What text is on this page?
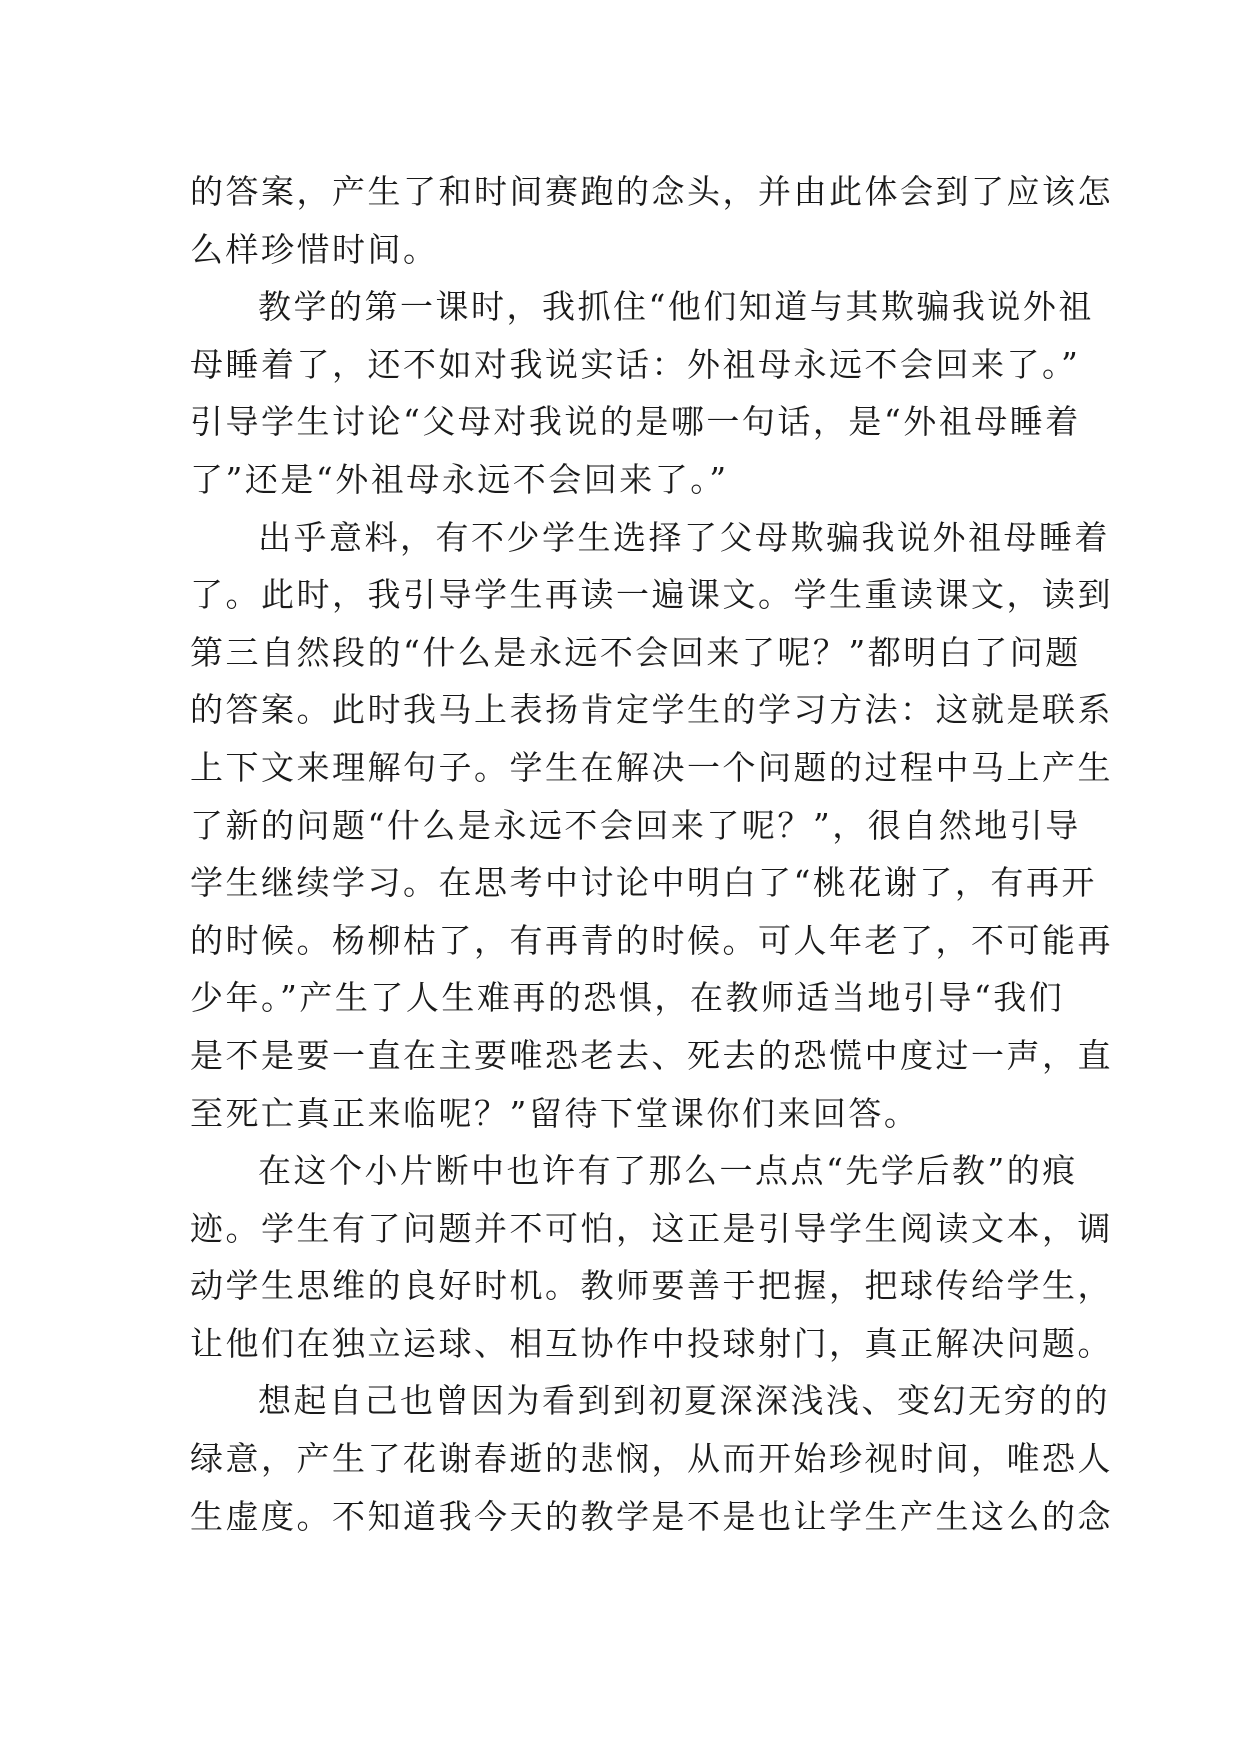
的答案，产生了和时间赛跑的念头，并由此体会到了应该怎
么样珍惜时间。
教学的第一课时，我抓住“他们知道与其欺骗我说外祖
母睡着了，还不如对我说实话：外祖母永远不会回来了。”
引导学生讨论“父母对我说的是哪一句话，是“外祖母睡着
了”还是“外祖母永远不会回来了。”
出乎意料，有不少学生选择了父母欺骗我说外祖母睡着
了。此时，我引导学生再读一遍课文。学生重读课文，读到
第三自然段的“什么是永远不会回来了呢？”都明白了问题
的答案。此时我马上表扬肯定学生的学习方法：这就是联系
上下文来理解句子。学生在解决一个问题的过程中马上产生
了新的问题“什么是永远不会回来了呢？”，很自然地引导
学生继续学习。在思考中讨论中明白了“桃花谢了，有再开
的时候。杨柳枯了，有再青的时候。可人年老了，不可能再
少年。”产生了人生难再的恐惧，在教师适当地引导“我们
是不是要一直在主要唯恐老去、死去的恐慌中度过一声，直
至死亡真正来临呢？”留待下堂课你们来回答。
在这个小片断中也许有了那么一点点“先学后教”的痕
迹。学生有了问题并不可怕，这正是引导学生阅读文本，调
动学生思维的良好时机。教师要善于把握，把球传给学生，
让他们在独立运球、相互协作中投球射门，真正解决问题。
想起自己也曾因为看到到初夏深深浅浅、变幻无穷的的
绿意，产生了花谢春逝的悲悯，从而开始珍视时间，唯恐人
生虚度。不知道我今天的教学是不是也让学生产生这么的念
